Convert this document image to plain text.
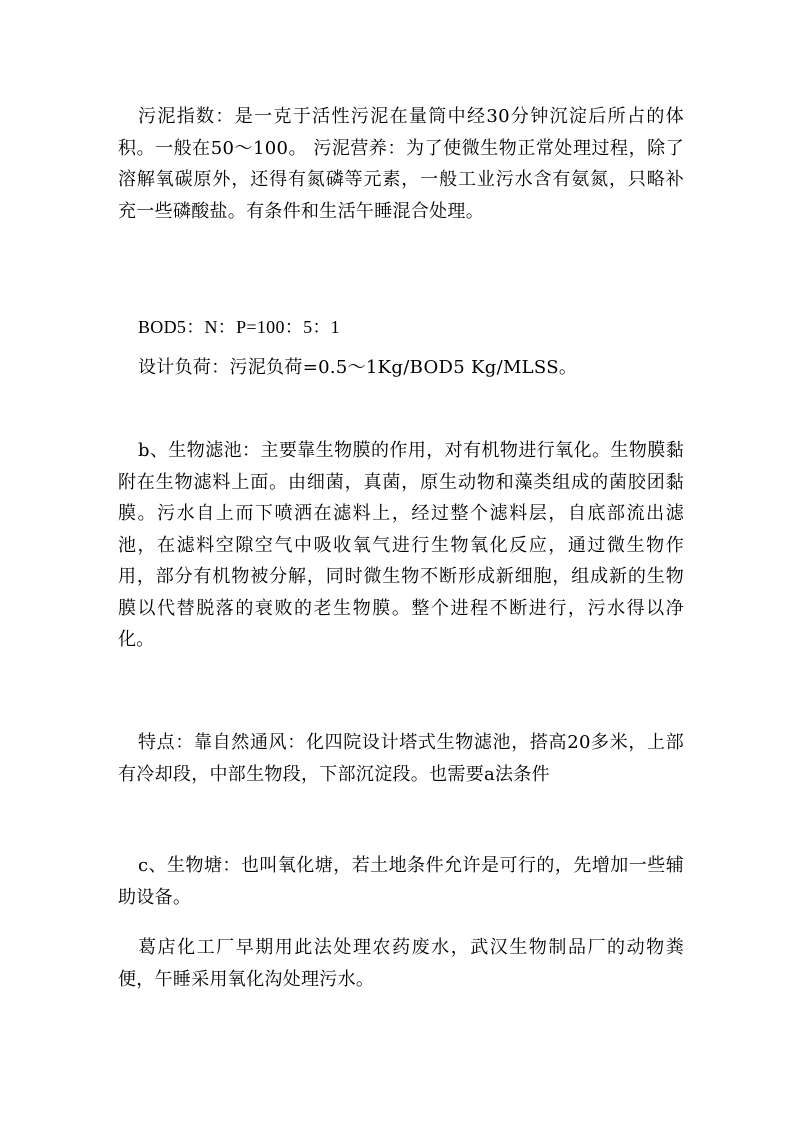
污泥指数：是一克于活性污泥在量筒中经30分钟沉淀后所占的体积。一般在50～100。 污泥营养：为了使微生物正常处理过程，除了溶解氧碳原外，还得有氮磷等元素，一般工业污水含有氨氮，只略补充一些磷酸盐。有条件和生活午睡混合处理。

BOD5：N：P=100：5：1

设计负荷：污泥负荷=0.5～1Kg/BOD5 Kg/MLSS。

b、生物滤池：主要靠生物膜的作用，对有机物进行氧化。生物膜黏附在生物滤料上面。由细菌，真菌，原生动物和藻类组成的菌胶团黏膜。污水自上而下喷洒在滤料上，经过整个滤料层，自底部流出滤池，在滤料空隙空气中吸收氧气进行生物氧化反应，通过微生物作用，部分有机物被分解，同时微生物不断形成新细胞，组成新的生物膜以代替脱落的衰败的老生物膜。整个进程不断进行，污水得以净化。

特点：靠自然通风：化四院设计塔式生物滤池，搭高20多米，上部有冷却段，中部生物段，下部沉淀段。也需要a法条件

c、生物塘：也叫氧化塘，若土地条件允许是可行的，先增加一些辅助设备。

葛店化工厂早期用此法处理农药废水，武汉生物制品厂的动物粪便，午睡采用氧化沟处理污水。
